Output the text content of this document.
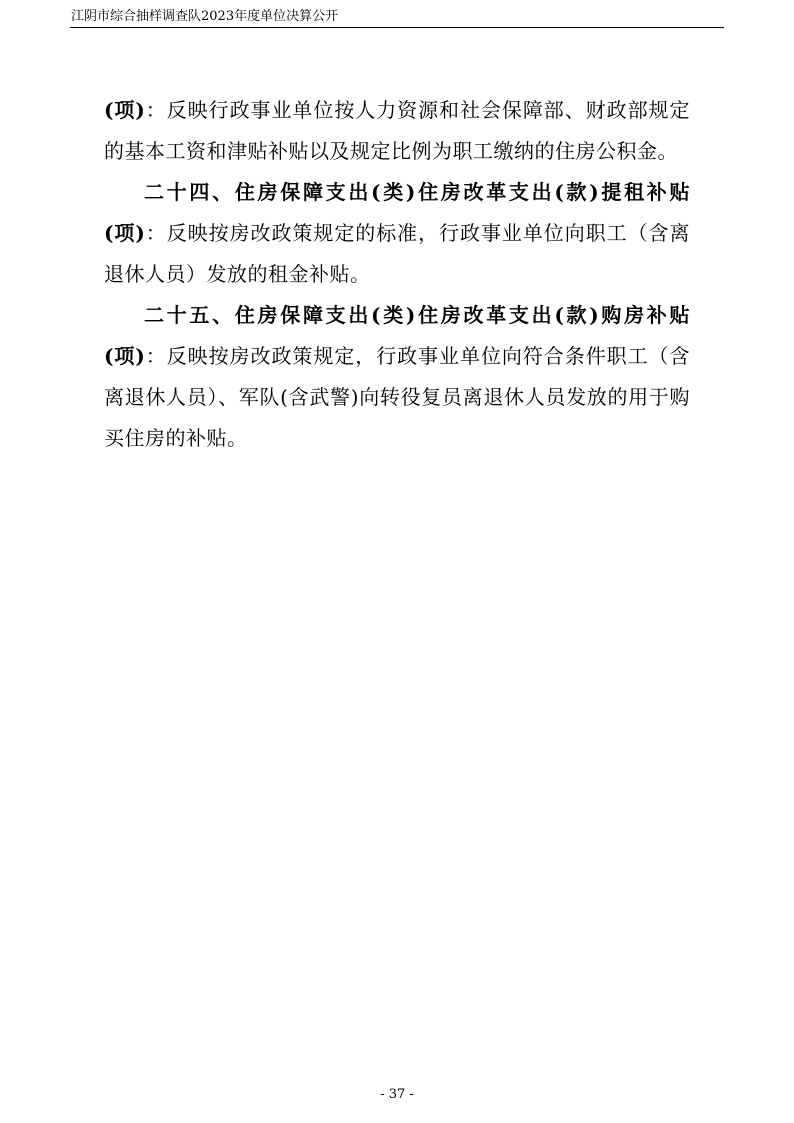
江阴市综合抽样调查队2023年度单位决算公开

(项)：反映行政事业单位按人力资源和社会保障部、财政部规定的基本工资和津贴补贴以及规定比例为职工缴纳的住房公积金。

二十四、住房保障支出(类)住房改革支出(款)提租补贴(项)：反映按房改政策规定的标准，行政事业单位向职工（含离退休人员）发放的租金补贴。

二十五、住房保障支出(类)住房改革支出(款)购房补贴(项)：反映按房改政策规定，行政事业单位向符合条件职工（含离退休人员）、军队(含武警)向转役复员离退休人员发放的用于购买住房的补贴。

- 37 -
